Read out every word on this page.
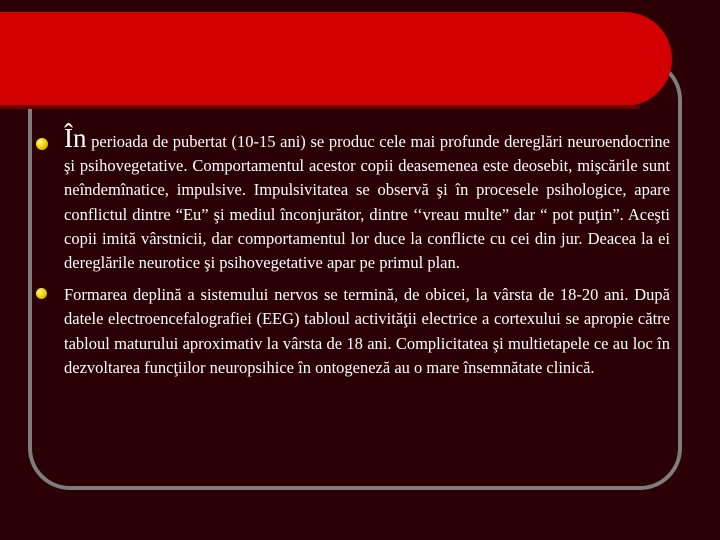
În perioada de pubertat (10-15 ani) se produc cele mai profunde dereglări neuroendocrine şi psihovegetative. Comportamentul acestor copii deasemenea este deosebit, mişcările sunt neîndemînatice, impulsive. Impulsivitatea se observă şi în procesele psihologice, apare conflictul dintre “Eu” şi mediul înconjurător, dintre ‘‘vreau multe” dar “ pot puţin”. Aceşti copii imită vârstnicii, dar comportamentul lor duce la conflicte cu cei din jur. Deacea la ei dereglările neurotice şi psihovegetative apar pe primul plan.

Formarea deplină a sistemului nervos se termină, de obicei, la vârsta de 18-20 ani. După datele electroencefalografiei (EEG) tabloul activităţii electrice a cortexului se apropie către tabloul maturului aproximativ la vârsta de 18 ani. Complicitatea şi multietapele ce au loc în dezvoltarea funcţiilor neuropsihice în ontogeneză au o mare însemnătate clinică.
